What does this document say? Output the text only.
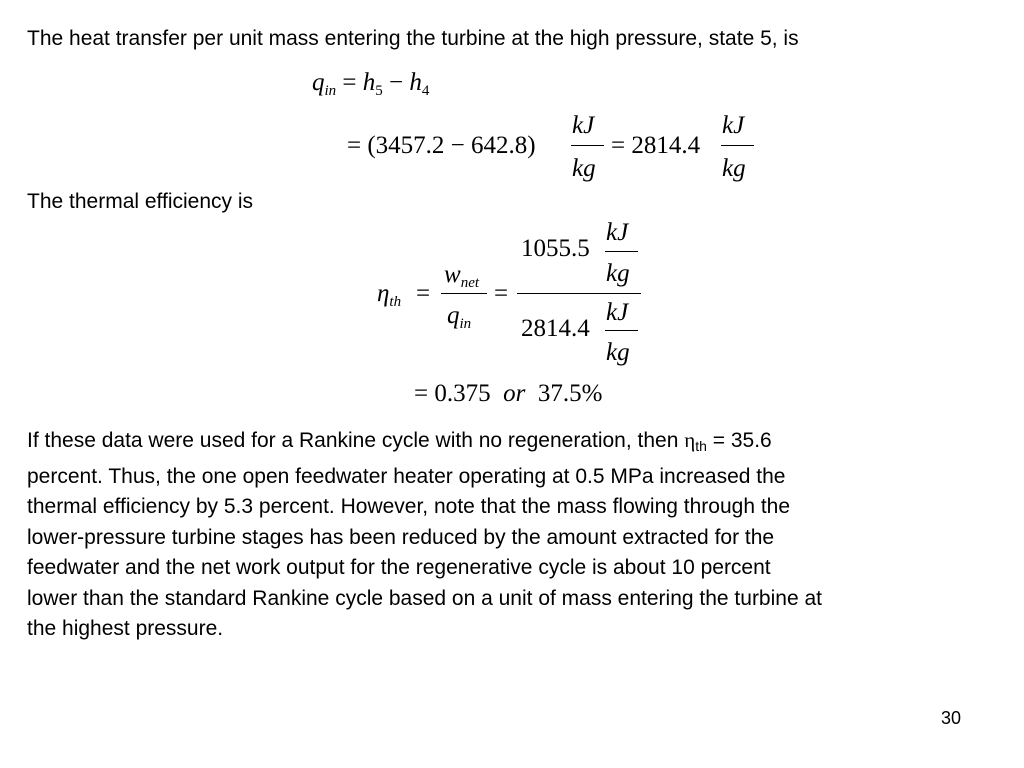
The heat transfer per unit mass entering the turbine at the high pressure, state 5, is

$q_{in} = h_5 - h_4$
= (3457.2 − 642.8)
kJ
kg
= 2814.4
kJ
kg

The thermal efficiency is

$\eta_{th}$ =
$w_{net}$
$q_{in}$
=
1055.5
kJ
kg
2814.4
kJ
kg
= 0.375 or 37.5%
If these data were used for a Rankine cycle with no regeneration, then $\eta_{th} = 35.6$
percent. Thus, the one open feedwater heater operating at 0.5 MPa increased the
thermal efficiency by 5.3 percent. However, note that the mass flowing through the
lower-pressure turbine stages has been reduced by the amount extracted for the
feedwater and the net work output for the regenerative cycle is about 10 percent
lower than the standard Rankine cycle based on a unit of mass entering the turbine at
the highest pressure.
30
